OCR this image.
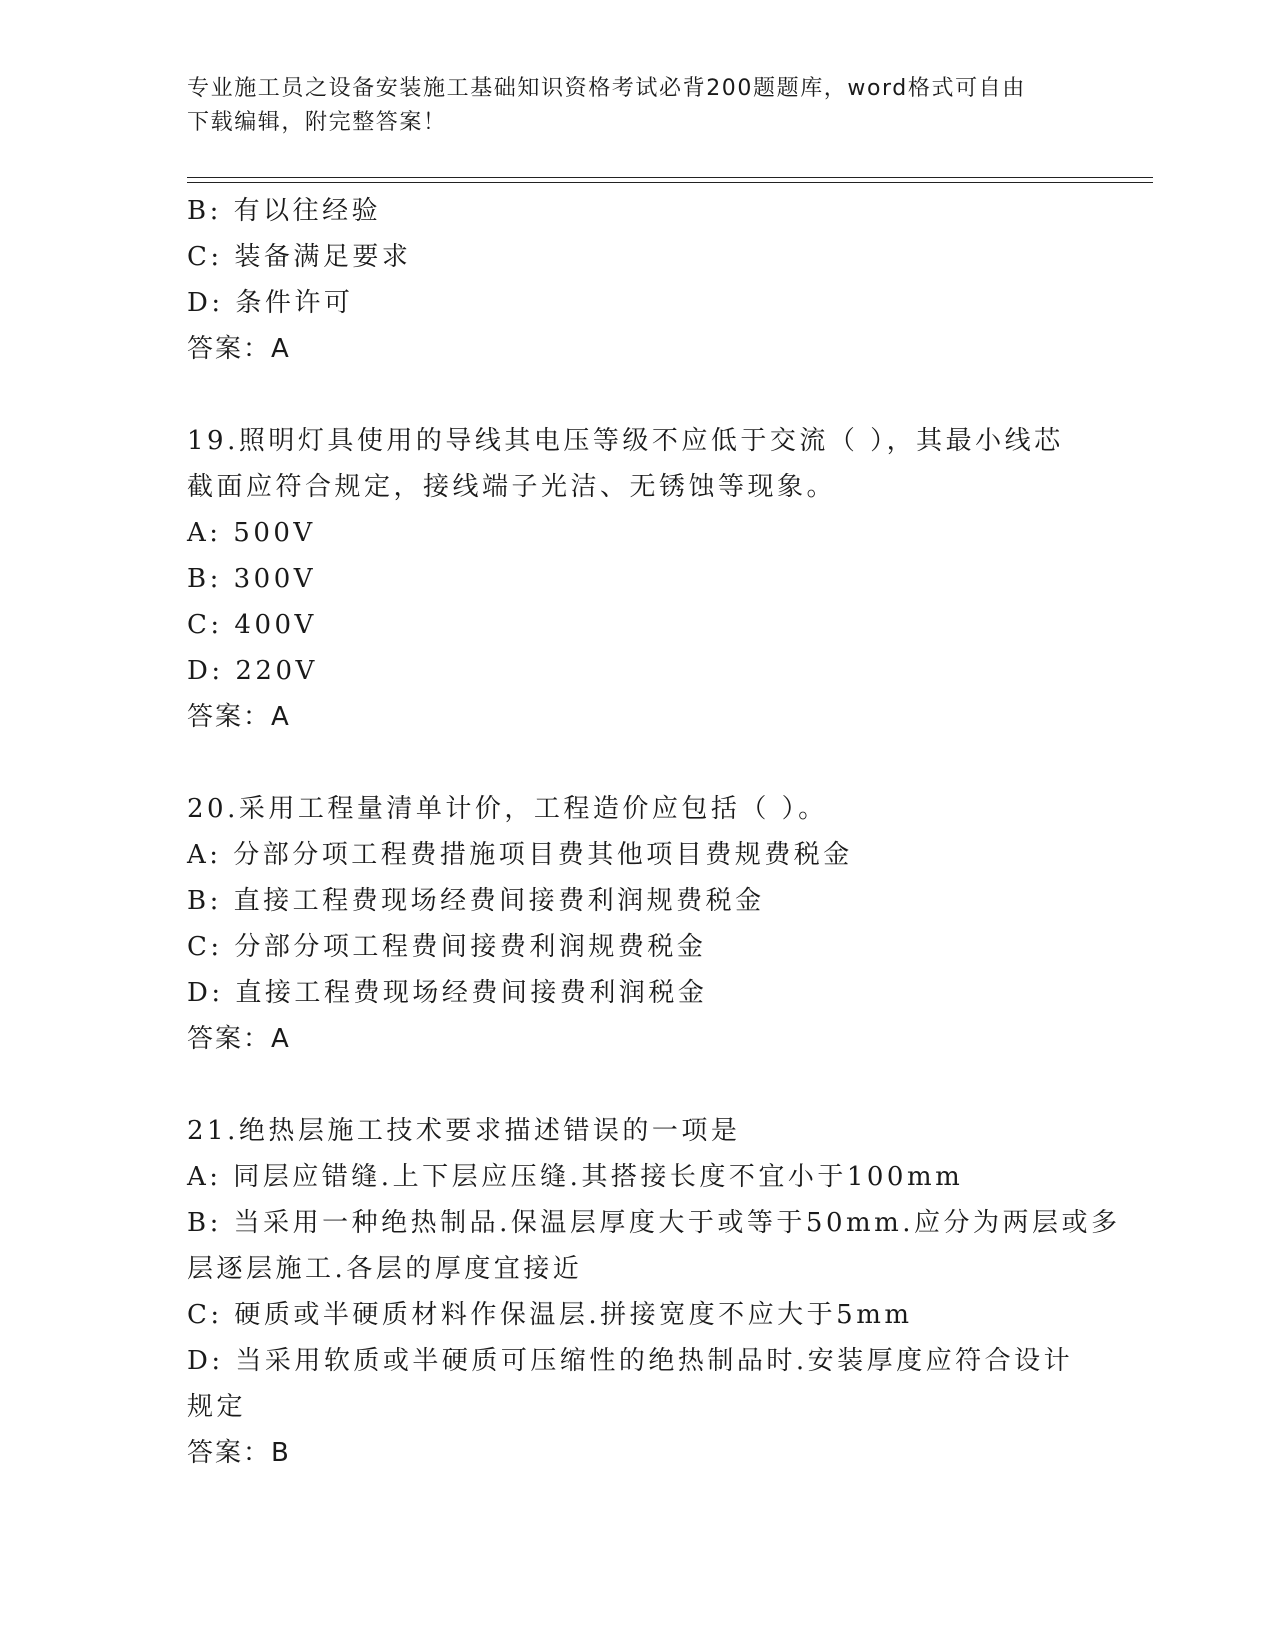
专业施工员之设备安装施工基础知识资格考试必背200题题库，word格式可自由
下载编辑，附完整答案！

B: 有以往经验

C: 装备满足要求

D: 条件许可

答案：A

19.照明灯具使用的导线其电压等级不应低于交流（ ），其最小线芯

截面应符合规定，接线端子光洁、无锈蚀等现象。

A: 500V

B: 300V

C: 400V

D: 220V

答案：A

20.采用工程量清单计价，工程造价应包括（ ）。

A: 分部分项工程费措施项目费其他项目费规费税金

B: 直接工程费现场经费间接费利润规费税金

C: 分部分项工程费间接费利润规费税金

D: 直接工程费现场经费间接费利润税金

答案：A

21.绝热层施工技术要求描述错误的一项是

A: 同层应错缝.上下层应压缝.其搭接长度不宜小于100mm

B: 当采用一种绝热制品.保温层厚度大于或等于50mm.应分为两层或多

层逐层施工.各层的厚度宜接近

C: 硬质或半硬质材料作保温层.拼接宽度不应大于5mm

D: 当采用软质或半硬质可压缩性的绝热制品时.安装厚度应符合设计

规定

答案：B
